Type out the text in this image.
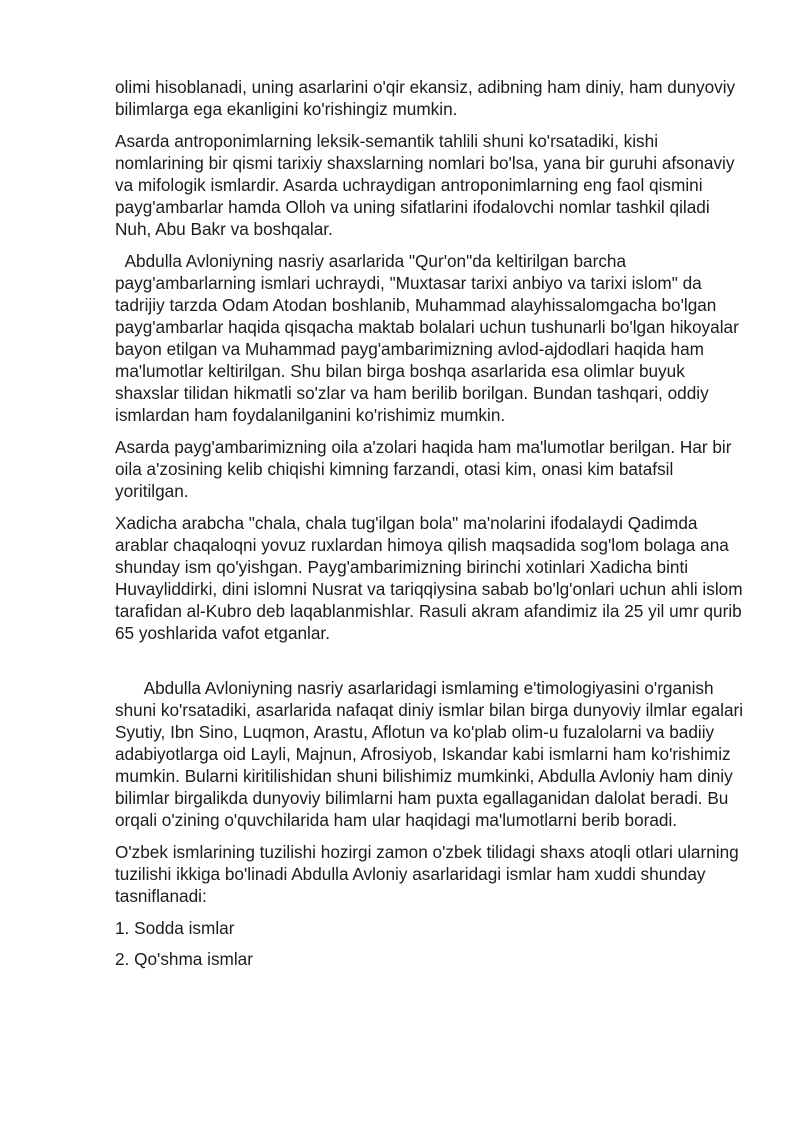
olimi hisoblanadi, uning asarlarini o'qir ekansiz, adibning ham diniy, ham dunyoviy bilimlarga ega ekanligini ko'rishingiz mumkin.

Asarda antroponimlarning leksik-semantik tahlili shuni ko'rsatadiki, kishi nomlarining bir qismi tarixiy shaxslarning nomlari bo'lsa, yana bir guruhi afsonaviy va mifologik ismlardir. Asarda uchraydigan antroponimlarning eng faol qismini payg'ambarlar hamda Olloh va uning sifatlarini ifodalovchi nomlar tashkil qiladi Nuh, Abu Bakr va boshqalar.

Abdulla Avloniyning nasriy asarlarida "Qur'on"da keltirilgan barcha payg'ambarlarning ismlari uchraydi, "Muxtasar tarixi anbiyo va tarixi islom" da tadrijiy tarzda Odam Atodan boshlanib, Muhammad alayhissalomgacha bo'lgan payg'ambarlar haqida qisqacha maktab bolalari uchun tushunarli bo'lgan hikoyalar bayon etilgan va Muhammad payg'ambarimizning avlod-ajdodlari haqida ham ma'lumotlar keltirilgan. Shu bilan birga boshqa asarlarida esa olimlar buyuk shaxslar tilidan hikmatli so'zlar va ham berilib borilgan. Bundan tashqari, oddiy ismlardan ham foydalanilganini ko'rishimiz mumkin.

Asarda payg'ambarimizning oila a'zolari haqida ham ma'lumotlar berilgan. Har bir oila a'zosining kelib chiqishi kimning farzandi, otasi kim, onasi kim batafsil yoritilgan.

Xadicha arabcha "chala, chala tug'ilgan bola" ma'nolarini ifodalaydi Qadimda arablar chaqaloqni yovuz ruxlardan himoya qilish maqsadida sog'lom bolaga ana shunday ism qo'yishgan. Payg'ambarimizning birinchi xotinlari Xadicha binti Huvayliddirki, dini islomni Nusrat va tariqqiysina sabab bo'lg'onlari uchun ahli islom tarafidan al-Kubro deb laqablanmishlar. Rasuli akram afandimiz ila 25 yil umr qurib 65 yoshlarida vafot etganlar.

Abdulla Avloniyning nasriy asarlaridagi ismlaming e'timologiyasini o'rganish shuni ko'rsatadiki, asarlarida nafaqat diniy ismlar bilan birga dunyoviy ilmlar egalari Syutiy, Ibn Sino, Luqmon, Arastu, Aflotun va ko'plab olim-u fuzalolarni va badiiy adabiyotlarga oid Layli, Majnun, Afrosiyob, Iskandar kabi ismlarni ham ko'rishimiz mumkin. Bularni kiritilishidan shuni bilishimiz mumkinki, Abdulla Avloniy ham diniy bilimlar birgalikda dunyoviy bilimlarni ham puxta egallaganidan dalolat beradi. Bu orqali o'zining o'quvchilarida ham ular haqidagi ma'lumotlarni berib boradi.

O'zbek ismlarining tuzilishi hozirgi zamon o'zbek tilidagi shaxs atoqli otlari ularning tuzilishi ikkiga bo'linadi Abdulla Avloniy asarlaridagi ismlar ham xuddi shunday tasniflanadi:

1. Sodda ismlar

2. Qo'shma ismlar
